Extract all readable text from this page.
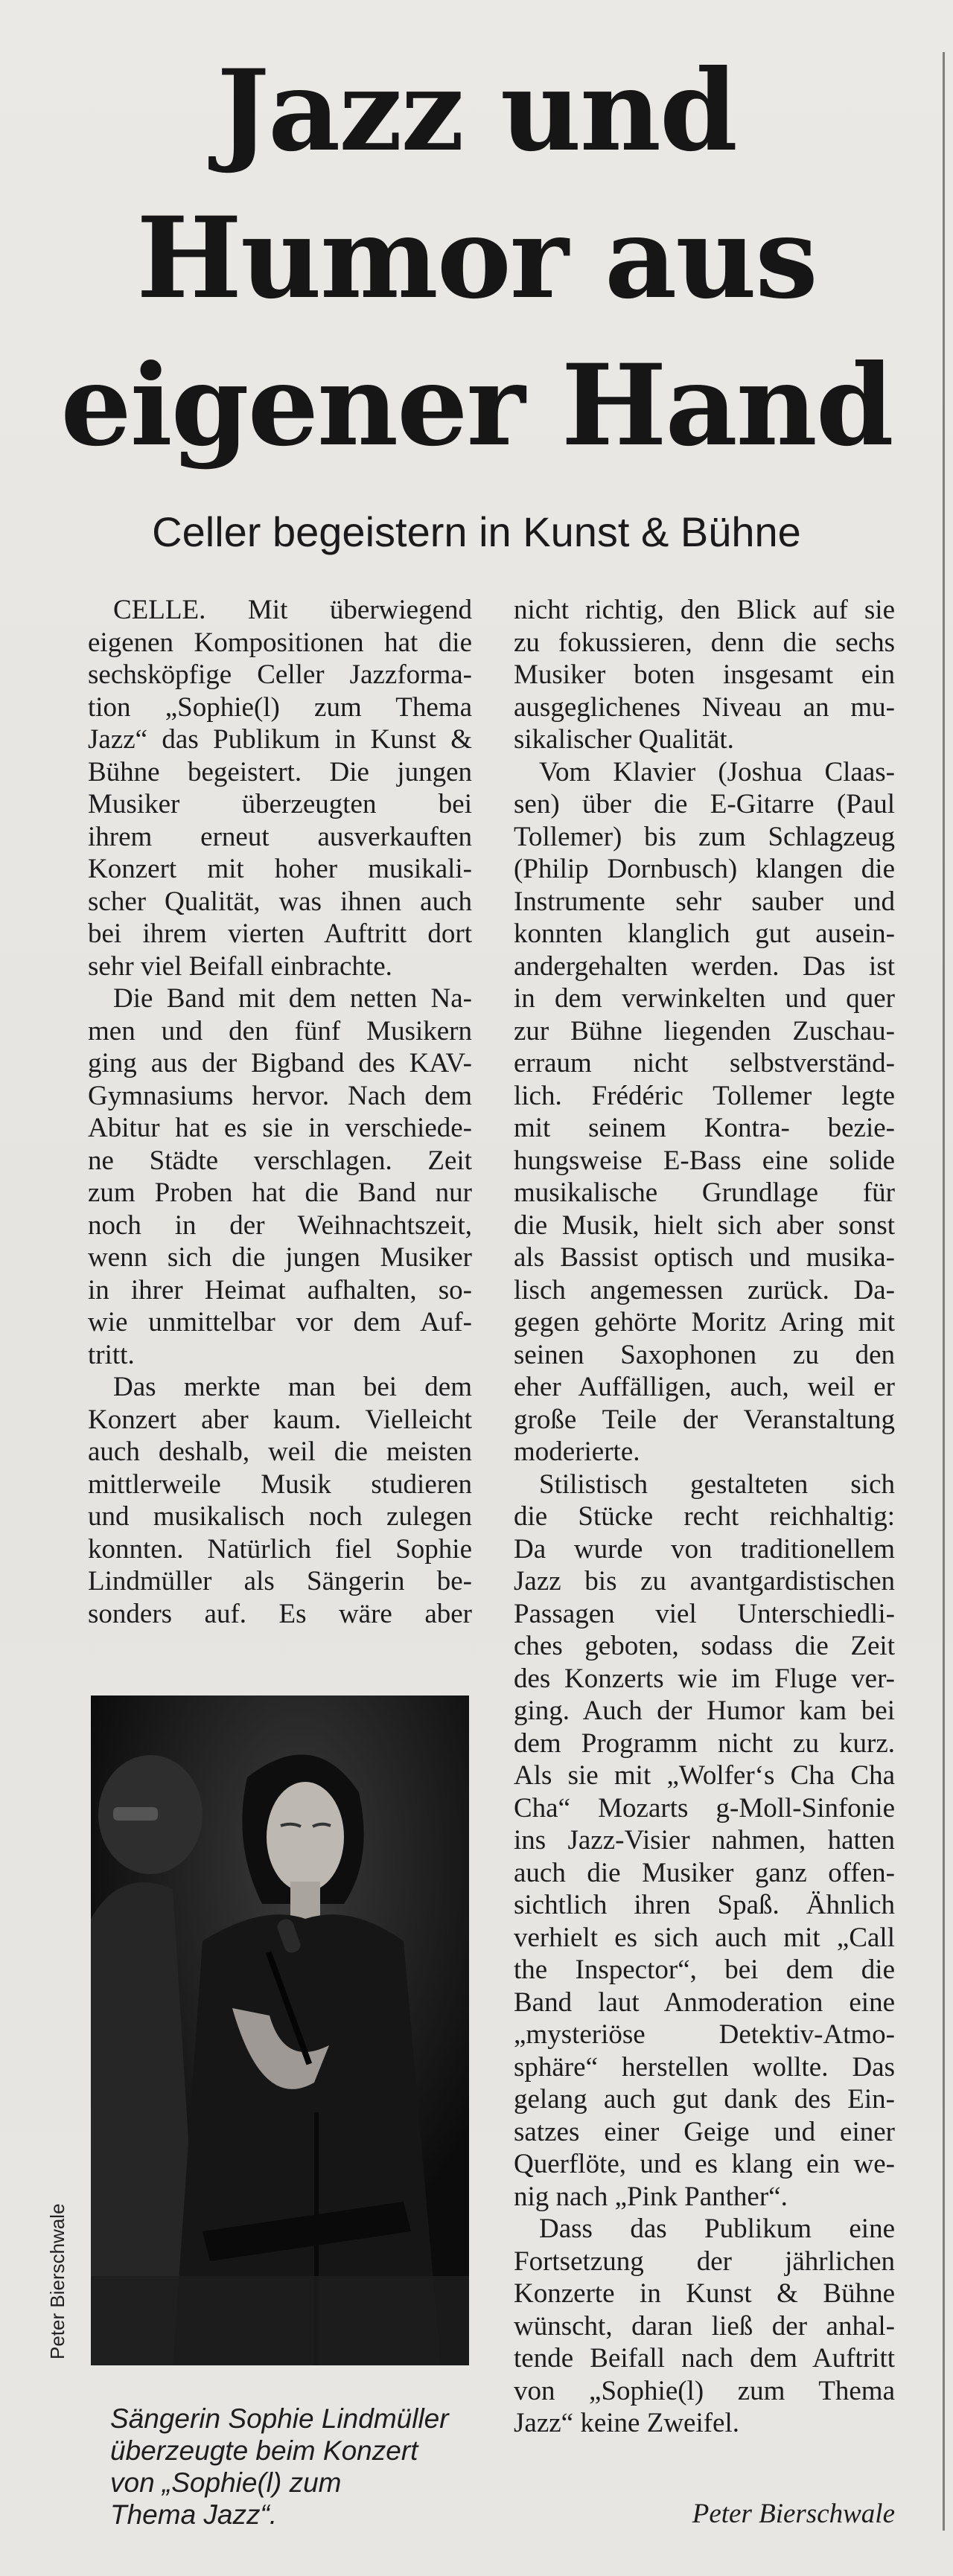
Jazz und
Humor aus
eigener Hand
Celler begeistern in Kunst & Bühne
CELLE. Mit überwiegend
eigenen Kompositionen hat die
sechsköpfige Celler Jazzforma-
tion „Sophie(l) zum Thema
Jazz“ das Publikum in Kunst &
Bühne begeistert. Die jungen
Musiker überzeugten bei
ihrem erneut ausverkauften
Konzert mit hoher musikali-
scher Qualität, was ihnen auch
bei ihrem vierten Auftritt dort
sehr viel Beifall einbrachte.
Die Band mit dem netten Na-
men und den fünf Musikern
ging aus der Bigband des KAV-
Gymnasiums hervor. Nach dem
Abitur hat es sie in verschiede-
ne Städte verschlagen. Zeit
zum Proben hat die Band nur
noch in der Weihnachtszeit,
wenn sich die jungen Musiker
in ihrer Heimat aufhalten, so-
wie unmittelbar vor dem Auf-
tritt.
Das merkte man bei dem
Konzert aber kaum. Vielleicht
auch deshalb, weil die meisten
mittlerweile Musik studieren
und musikalisch noch zulegen
konnten. Natürlich fiel Sophie
Lindmüller als Sängerin be-
sonders auf. Es wäre aber
nicht richtig, den Blick auf sie
zu fokussieren, denn die sechs
Musiker boten insgesamt ein
ausgeglichenes Niveau an mu-
sikalischer Qualität.
Vom Klavier (Joshua Claas-
sen) über die E-Gitarre (Paul
Tollemer) bis zum Schlagzeug
(Philip Dornbusch) klangen die
Instrumente sehr sauber und
konnten klanglich gut ausein-
andergehalten werden. Das ist
in dem verwinkelten und quer
zur Bühne liegenden Zuschau-
erraum nicht selbstverständ-
lich. Frédéric Tollemer legte
mit seinem Kontra- bezie-
hungsweise E-Bass eine solide
musikalische Grundlage für
die Musik, hielt sich aber sonst
als Bassist optisch und musika-
lisch angemessen zurück. Da-
gegen gehörte Moritz Aring mit
seinen Saxophonen zu den
eher Auffälligen, auch, weil er
große Teile der Veranstaltung
moderierte.
Stilistisch gestalteten sich
die Stücke recht reichhaltig:
Da wurde von traditionellem
Jazz bis zu avantgardistischen
Passagen viel Unterschiedli-
ches geboten, sodass die Zeit
des Konzerts wie im Fluge ver-
ging. Auch der Humor kam bei
dem Programm nicht zu kurz.
Als sie mit „Wolfer‘s Cha Cha
Cha“ Mozarts g-Moll-Sinfonie
ins Jazz-Visier nahmen, hatten
auch die Musiker ganz offen-
sichtlich ihren Spaß. Ähnlich
verhielt es sich auch mit „Call
the Inspector“, bei dem die
Band laut Anmoderation eine
„mysteriöse Detektiv-Atmo-
sphäre“ herstellen wollte. Das
gelang auch gut dank des Ein-
satzes einer Geige und einer
Querflöte, und es klang ein we-
nig nach „Pink Panther“.
Dass das Publikum eine
Fortsetzung der jährlichen
Konzerte in Kunst & Bühne
wünscht, daran ließ der anhal-
tende Beifall nach dem Auftritt
von „Sophie(l) zum Thema
Jazz“ keine Zweifel.
Peter Bierschwale
Sängerin Sophie Lindmüller
überzeugte beim Konzert
von „Sophie(l) zum
Thema Jazz“.	Peter Bierschwale
